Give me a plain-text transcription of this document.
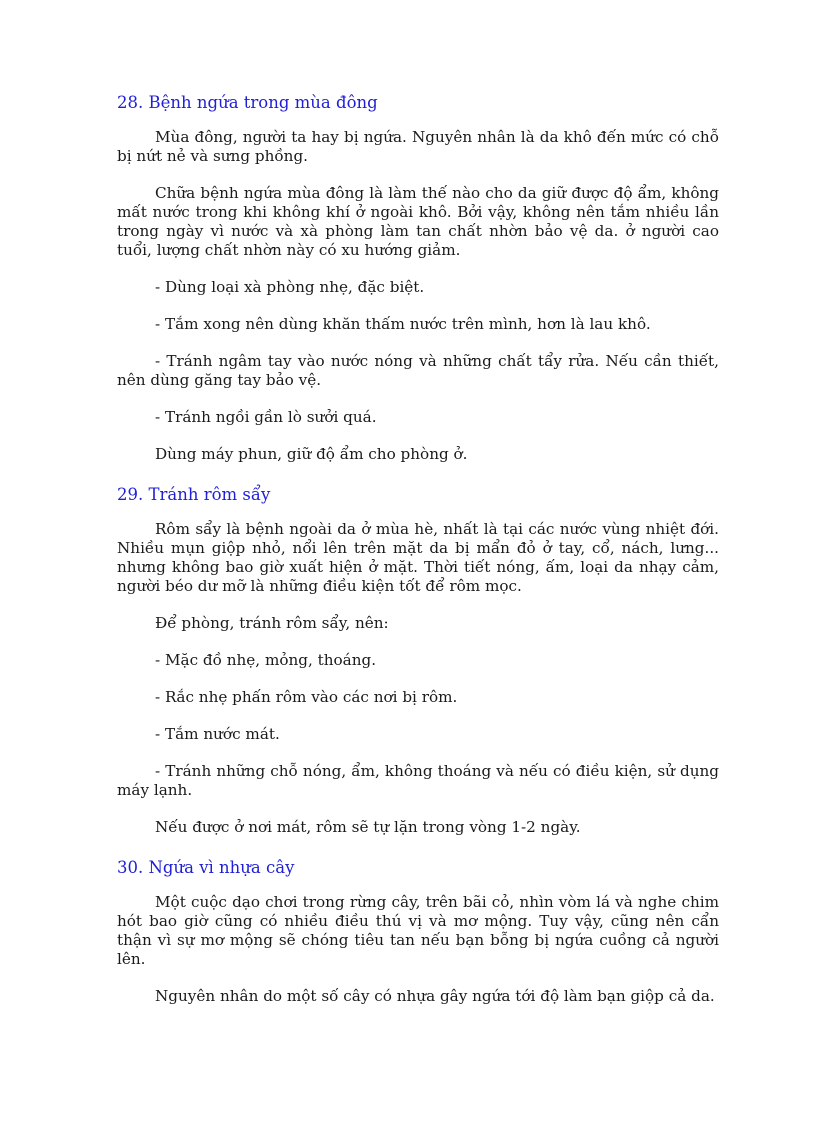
28. Bệnh ngứa trong mùa đông

Mùa đông, người ta hay bị ngứa. Nguyên nhân là da khô đến mức có chỗ bị nứt nẻ và sưng phồng.

Chữa bệnh ngứa mùa đông là làm thế nào cho da giữ được độ ẩm, không mất nước trong khi không khí ở ngoài khô. Bởi vậy, không nên tắm nhiều lần trong ngày vì nước và xà phòng làm tan chất nhờn bảo vệ da. ở người cao tuổi, lượng chất nhờn này có xu hướng giảm.

- Dùng loại xà phòng nhẹ, đặc biệt.

- Tắm xong nên dùng khăn thấm nước trên mình, hơn là lau khô.

- Tránh ngâm tay vào nước nóng và những chất tẩy rửa. Nếu cần thiết, nên dùng găng tay bảo vệ.

- Tránh ngồi gần lò sưởi quá.

Dùng máy phun, giữ độ ẩm cho phòng ở.

29. Tránh rôm sẩy

Rôm sẩy là bệnh ngoài da ở mùa hè, nhất là tại các nước vùng nhiệt đới. Nhiều mụn giộp nhỏ, nổi lên trên mặt da bị mẩn đỏ ở tay, cổ, nách, lưng... nhưng không bao giờ xuất hiện ở mặt. Thời tiết nóng, ấm, loại da nhạy cảm, người béo dư mỡ là những điều kiện tốt để rôm mọc.

Để phòng, tránh rôm sẩy, nên:

- Mặc đồ nhẹ, mỏng, thoáng.

- Rắc nhẹ phấn rôm vào các nơi bị rôm.

- Tắm nước mát.

- Tránh những chỗ nóng, ẩm, không thoáng và nếu có điều kiện, sử dụng máy lạnh.

Nếu được ở nơi mát, rôm sẽ tự lặn trong vòng 1-2 ngày.

30. Ngứa vì nhựa cây

Một cuộc dạo chơi trong rừng cây, trên bãi cỏ, nhìn vòm lá và nghe chim hót bao giờ cũng có nhiều điều thú vị và mơ mộng. Tuy vậy, cũng nên cẩn thận vì sự mơ mộng sẽ chóng tiêu tan nếu bạn bỗng bị ngứa cuồng cả người lên.

Nguyên nhân do một số cây có nhựa gây ngứa tới độ làm bạn giộp cả da.
